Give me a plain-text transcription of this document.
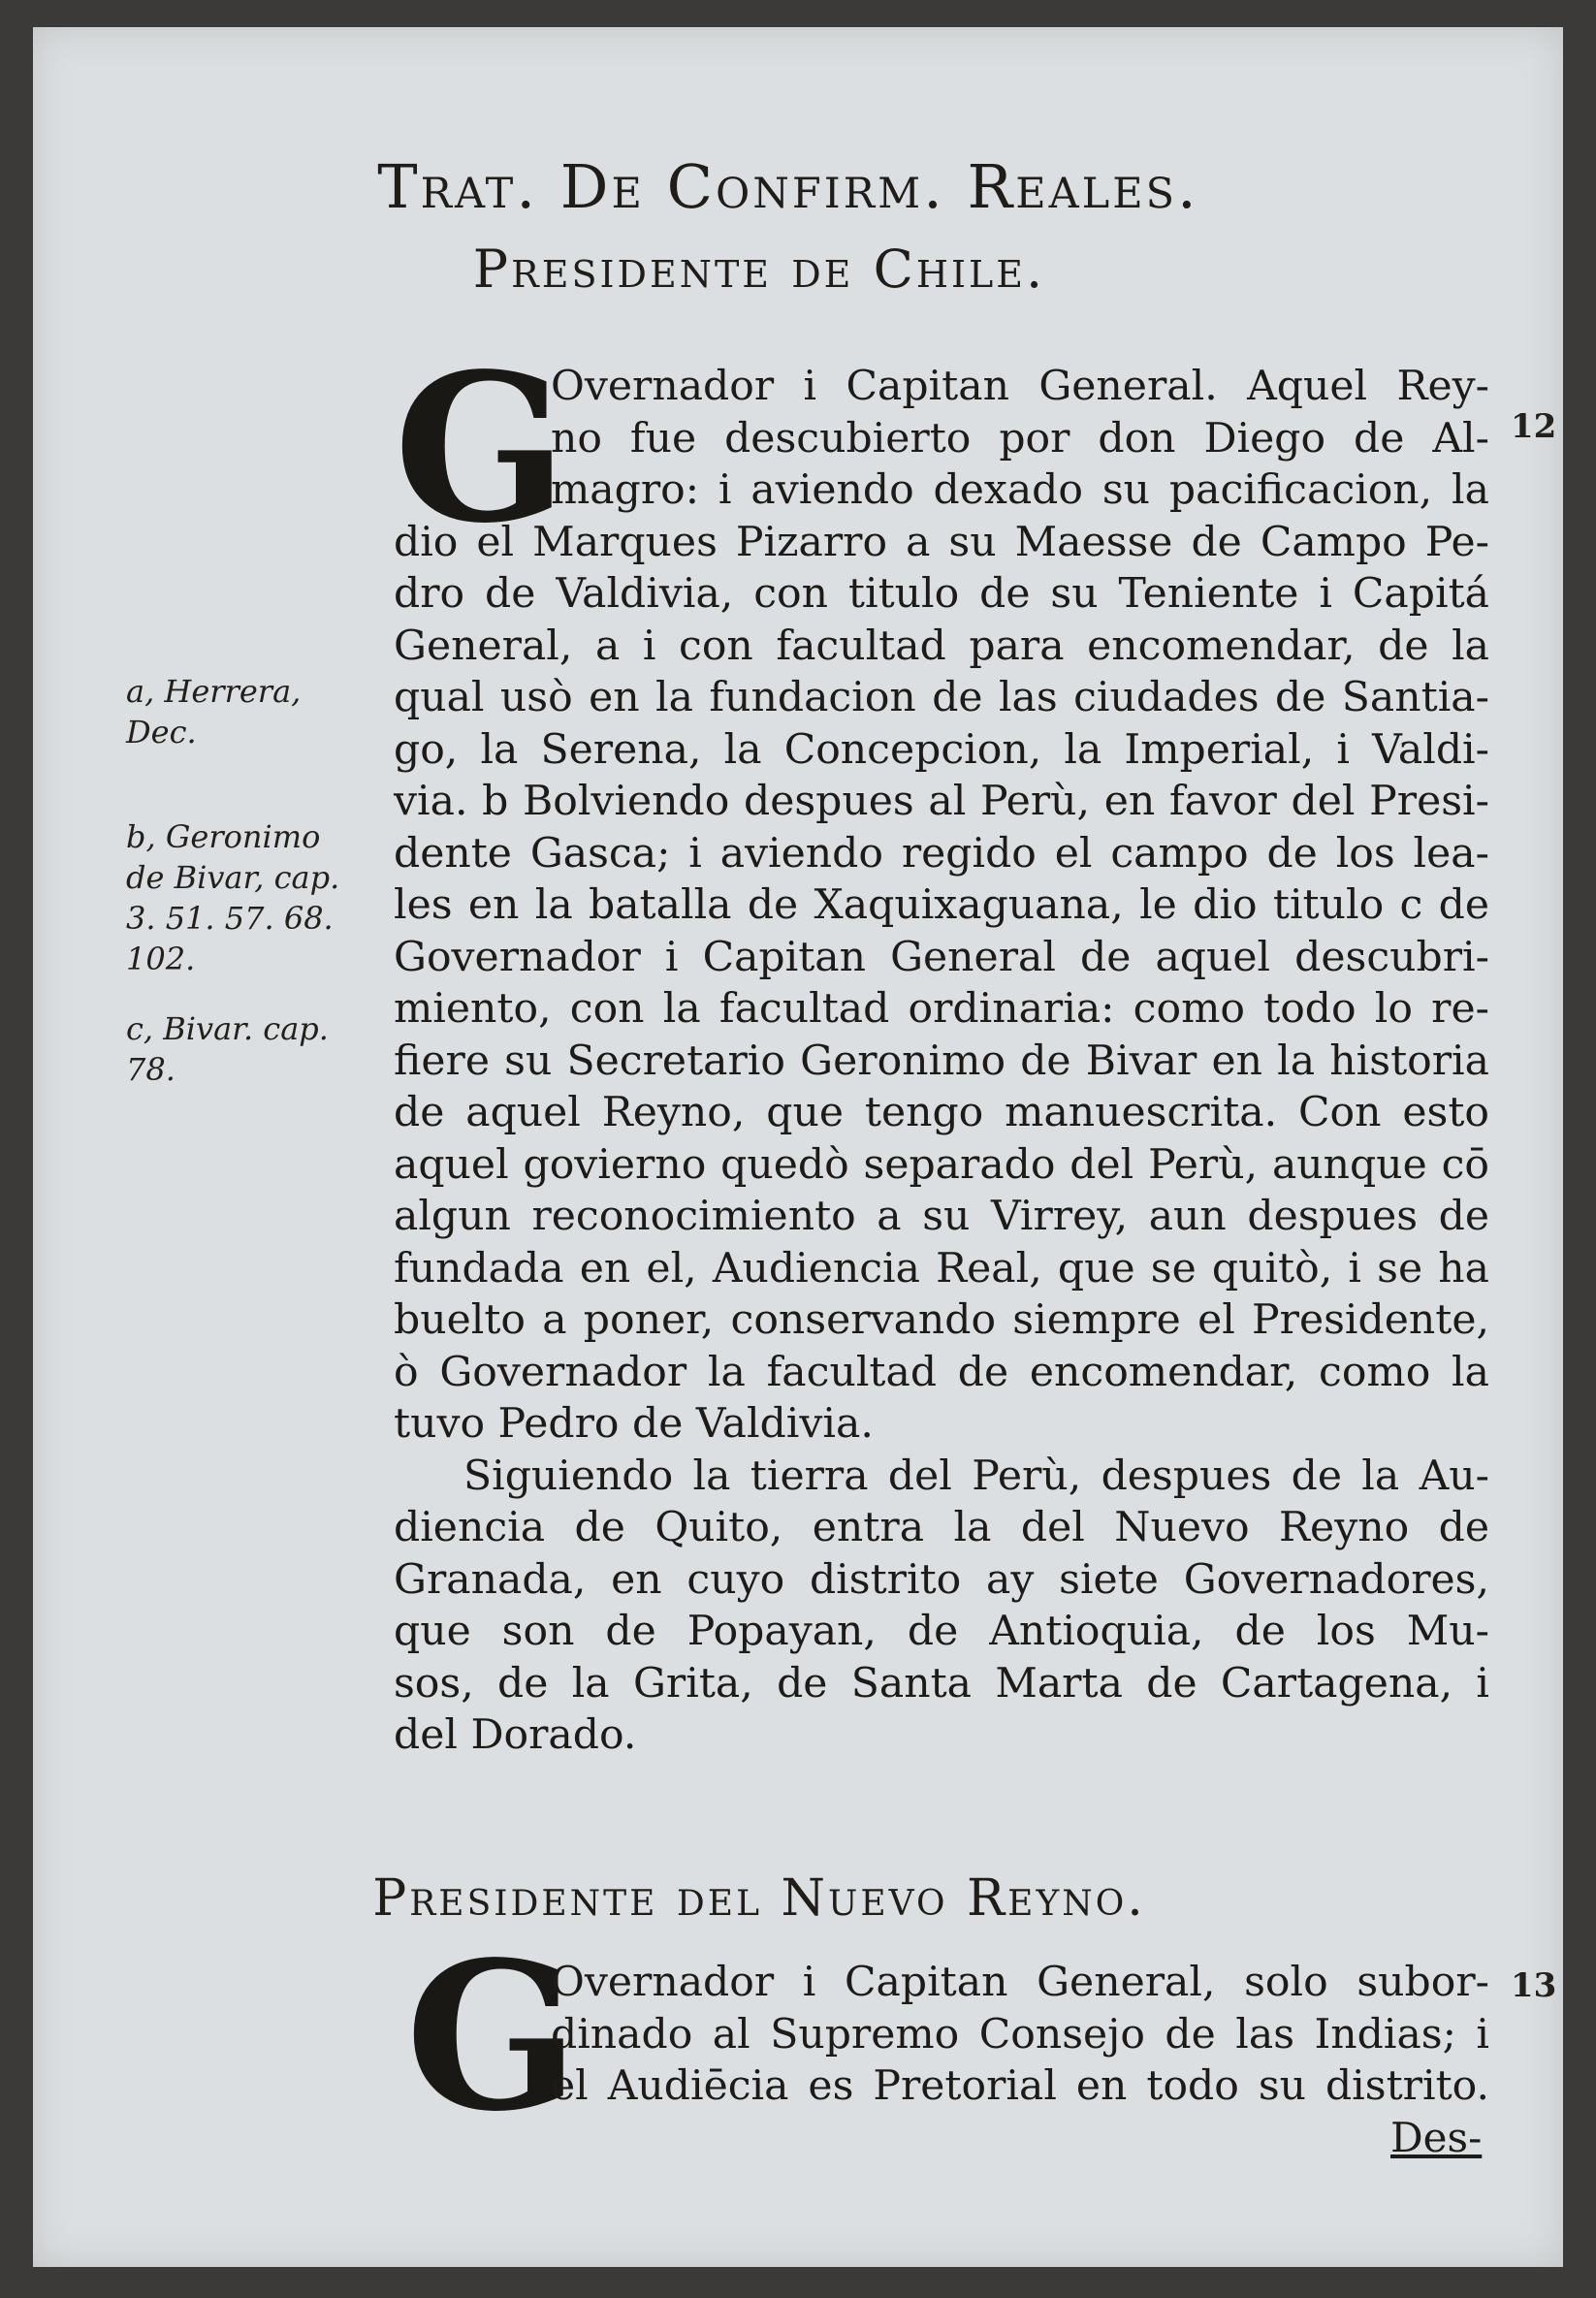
Trat. De Confirm. Reales.
Presidente de Chile.
G	12
Overnador i Capitan General. Aquel Rey-
no fue descubierto por don Diego de Al-
magro: i aviendo dexado su pacificacion, la
dio el Marques Pizarro a su Maesse de Campo Pe-
dro de Valdivia, con titulo de su Teniente i Capitá
General, a i con facultad para encomendar, de la
qual usò en la fundacion de las ciudades de Santia-
go, la Serena, la Concepcion, la Imperial, i Valdi-
via. b Bolviendo despues al Perù, en favor del Presi-
dente Gasca; i aviendo regido el campo de los lea-
les en la batalla de Xaquixaguana, le dio titulo c de
Governador i Capitan General de aquel descubri-
miento, con la facultad ordinaria: como todo lo re-
fiere su Secretario Geronimo de Bivar en la historia
de aquel Reyno, que tengo manuescrita. Con esto
aquel govierno quedò separado del Perù, aunque cō
algun reconocimiento a su Virrey, aun despues de
fundada en el, Audiencia Real, que se quitò, i se ha
buelto a poner, conservando siempre el Presidente,
ò Governador la facultad de encomendar, como la
tuvo Pedro de Valdivia.
Siguiendo la tierra del Perù, despues de la Au-
diencia de Quito, entra la del Nuevo Reyno de
Granada, en cuyo distrito ay siete Governadores,
que son de Popayan, de Antioquia, de los Mu-
sos, de la Grita, de Santa Marta de Cartagena, i
del Dorado.
a, Herrera, Dec.
b, Geronimo de Bivar, cap. 3. 51. 57. 68. 102.
c, Bivar. cap. 78.
Presidente del Nuevo Reyno.
G	13
Overnador i Capitan General, solo subor-
dinado al Supremo Consejo de las Indias; i
el Audiēcia es Pretorial en todo su distrito.
Des-
